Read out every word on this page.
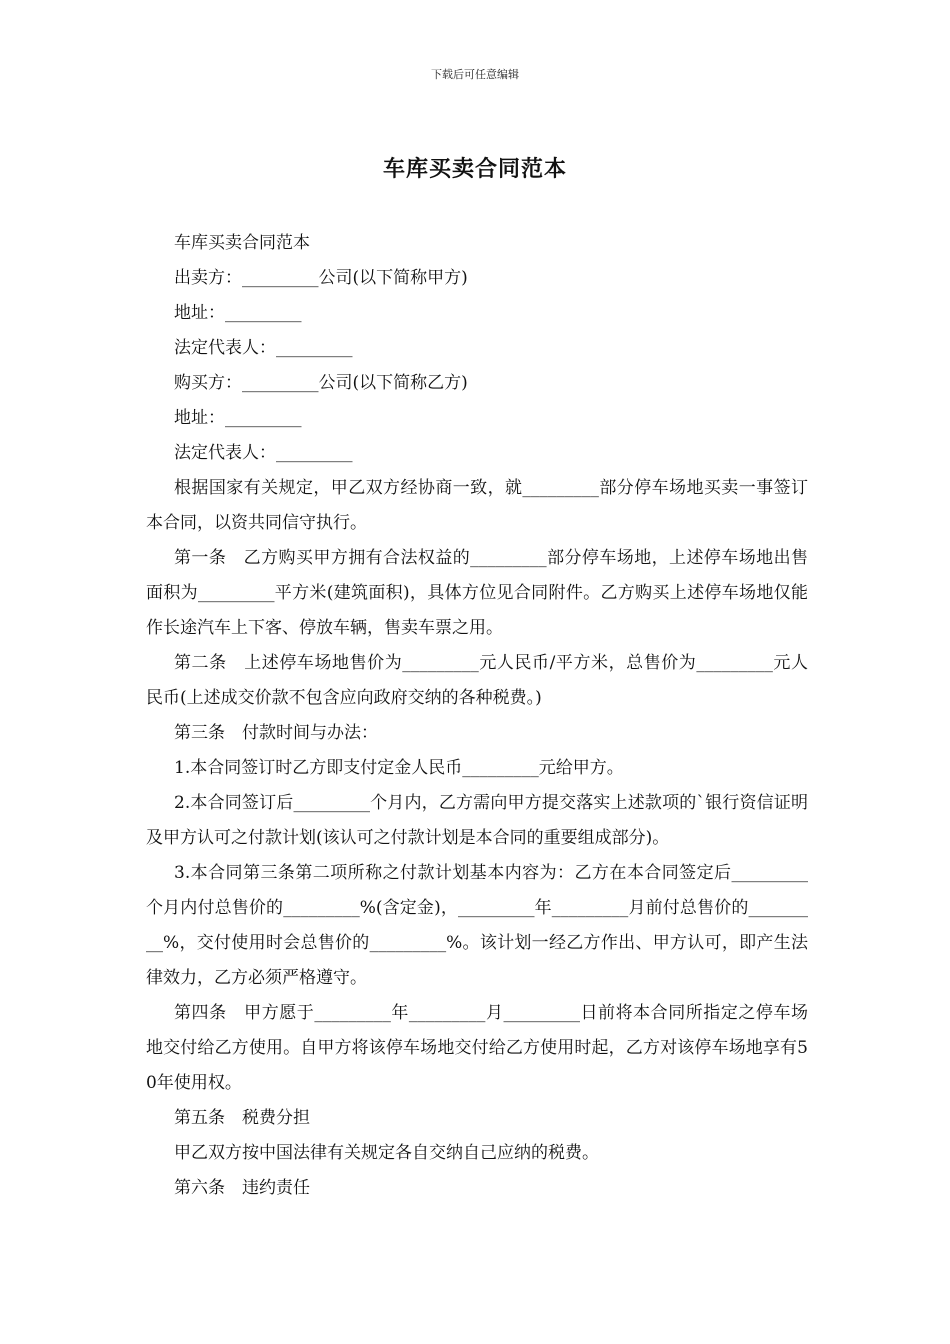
下载后可任意编辑
车库买卖合同范本

车库买卖合同范本

出卖方：_________公司(以下简称甲方)

地址：_________

法定代表人：_________

购买方：_________公司(以下简称乙方)

地址：_________

法定代表人：_________

根据国家有关规定，甲乙双方经协商一致，就_________部分停车场地买卖一事签订本合同，以资共同信守执行。

第一条　乙方购买甲方拥有合法权益的_________部分停车场地，上述停车场地出售面积为_________平方米(建筑面积)，具体方位见合同附件。乙方购买上述停车场地仅能作长途汽车上下客、停放车辆，售卖车票之用。

第二条　上述停车场地售价为_________元人民币/平方米，总售价为_________元人民币(上述成交价款不包含应向政府交纳的各种税费。)

第三条　付款时间与办法：

1.本合同签订时乙方即支付定金人民币_________元给甲方。

2.本合同签订后_________个月内，乙方需向甲方提交落实上述款项的`银行资信证明及甲方认可之付款计划(该认可之付款计划是本合同的重要组成部分)。

3.本合同第三条第二项所称之付款计划基本内容为：乙方在本合同签定后_________个月内付总售价的_________%(含定金)，_________年_________月前付总售价的_________%，交付使用时会总售价的_________%。该计划一经乙方作出、甲方认可，即产生法律效力，乙方必须严格遵守。

第四条　甲方愿于_________年_________月_________日前将本合同所指定之停车场地交付给乙方使用。自甲方将该停车场地交付给乙方使用时起，乙方对该停车场地享有50年使用权。

第五条　税费分担

甲乙双方按中国法律有关规定各自交纳自己应纳的税费。

第六条　违约责任
